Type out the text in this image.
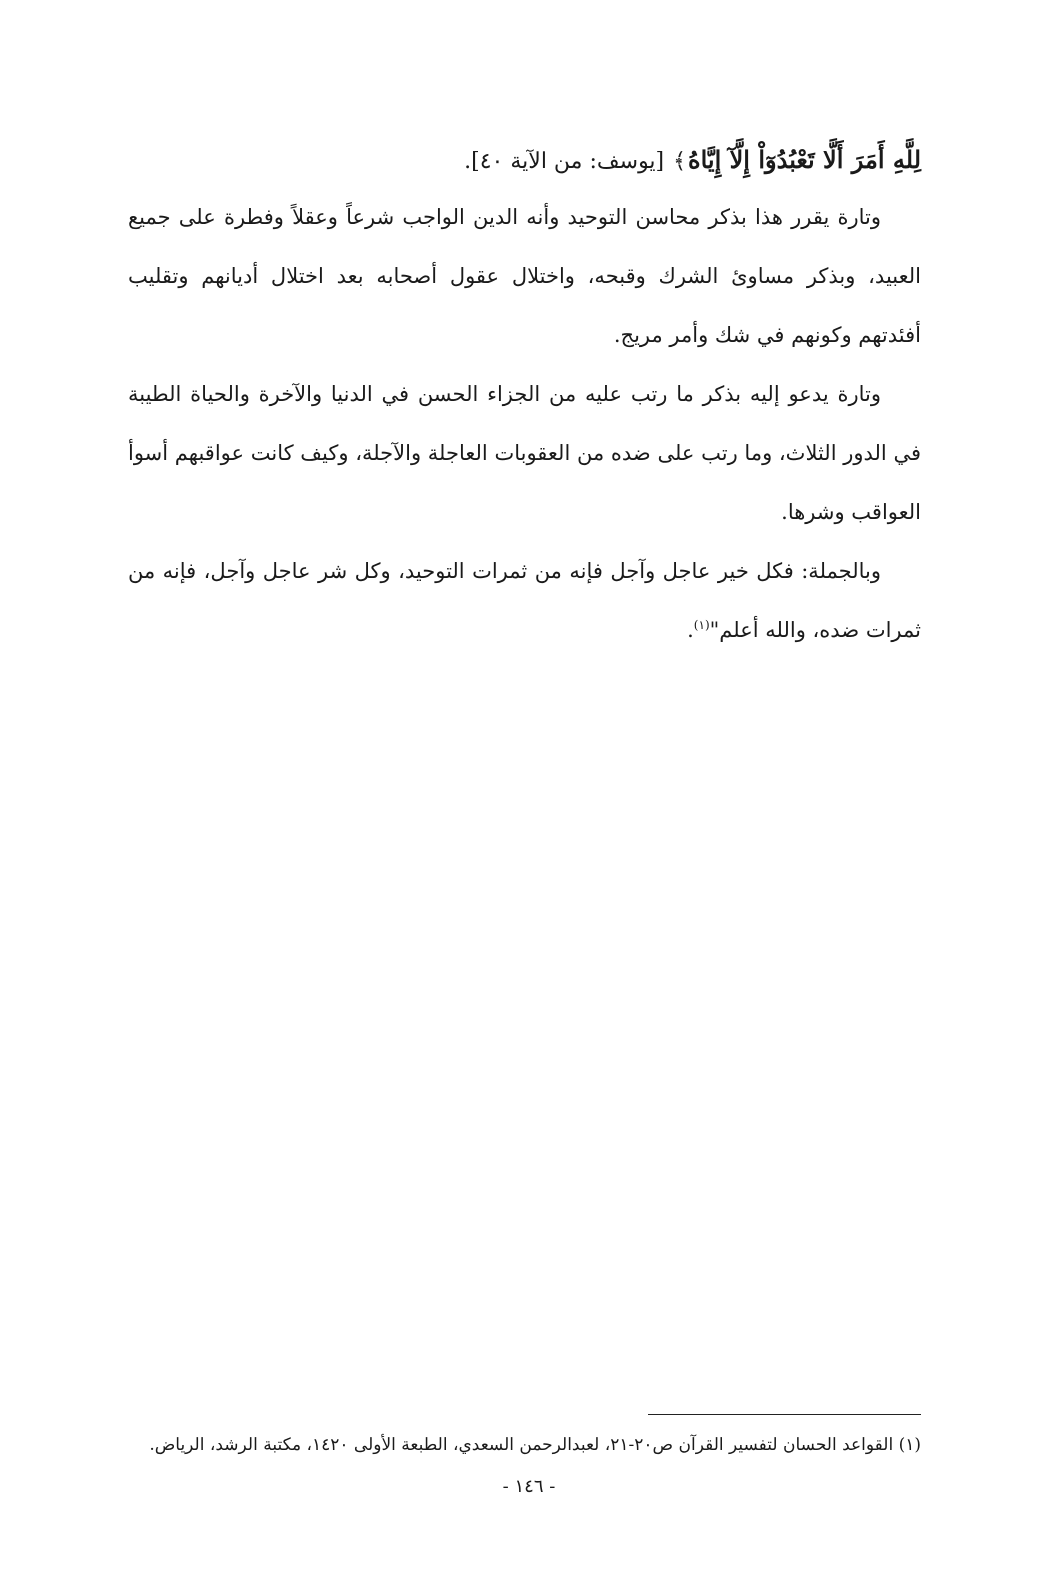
لِلَّهِ أَمَرَ أَلَّا تَعْبُدُوٓاْ إِلَّآ إِيَّاهُ﴾ [يوسف: من الآية ٤٠].

وتارة يقرر هذا بذكر محاسن التوحيد وأنه الدين الواجب شرعاً وعقلاً وفطرة على جميع العبيد، وبذكر مساوئ الشرك وقبحه، واختلال عقول أصحابه بعد اختلال أديانهم وتقليب أفئدتهم وكونهم في شك وأمر مريج.

وتارة يدعو إليه بذكر ما رتب عليه من الجزاء الحسن في الدنيا والآخرة والحياة الطيبة في الدور الثلاث، وما رتب على ضده من العقوبات العاجلة والآجلة، وكيف كانت عواقبهم أسوأ العواقب وشرها.

وبالجملة: فكل خير عاجل وآجل فإنه من ثمرات التوحيد، وكل شر عاجل وآجل، فإنه من ثمرات ضده، والله أعلم"$^{(١)}$.

(١) القواعد الحسان لتفسير القرآن ص٢٠-٢١، لعبدالرحمن السعدي، الطبعة الأولى ١٤٢٠، مكتبة الرشد، الرياض.
- ١٤٦ -
